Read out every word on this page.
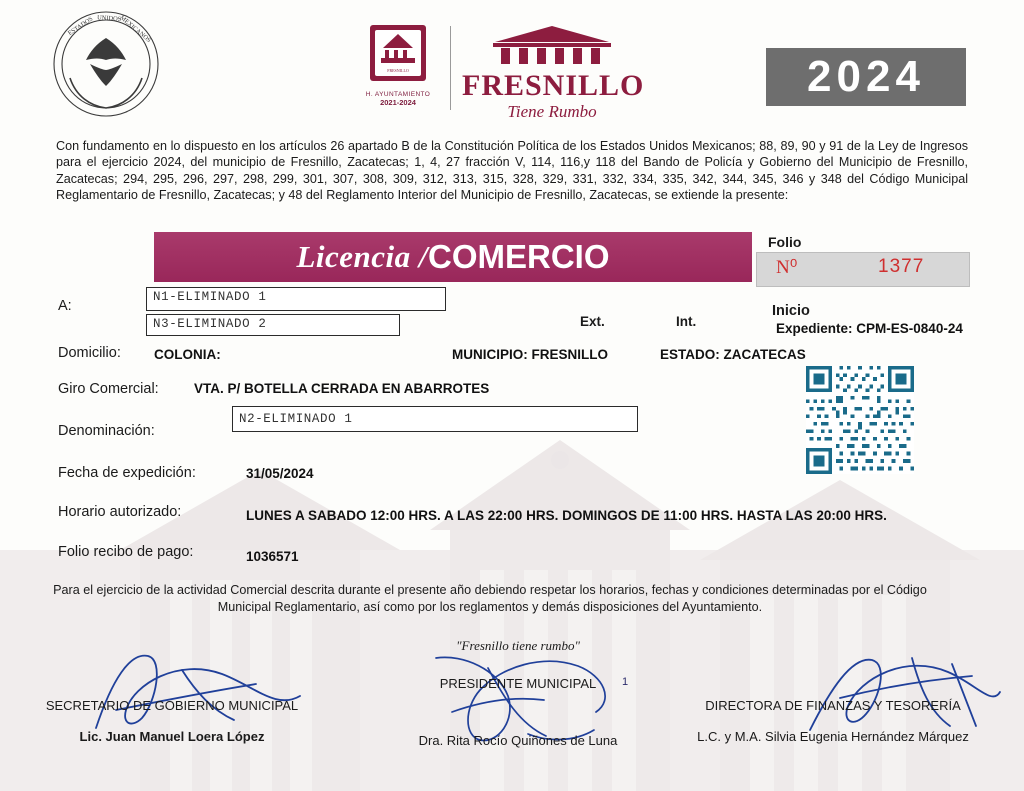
ESTADOS UNIDOS
MEXICANOS
FRESNILLO
H. AYUNTAMIENTO
2021-2024
FRESNILLO
Tiene Rumbo
2024

Con fundamento en lo dispuesto en los artículos 26 apartado B de la Constitución Política de los Estados Unidos Mexicanos; 88, 89, 90 y 91 de la Ley de Ingresos para el ejercicio 2024, del municipio de Fresnillo, Zacatecas; 1, 4, 27 fracción V, 114, 116,y 118 del Bando de Policía y Gobierno del Municipio de Fresnillo, Zacatecas; 294, 295, 296, 297, 298, 299, 301, 307, 308, 309, 312, 313, 315, 328, 329, 331, 332, 334, 335, 342, 344, 345, 346 y 348 del Código Municipal Reglamentario de Fresnillo, Zacatecas; y 48 del Reglamento Interior del Municipio de Fresnillo, Zacatecas, se extiende la presente:

Licencia / COMERCIO	Folio
N⁰	1377
A:
N1-ELIMINADO 1
N3-ELIMINADO 2	Ext.	Int.
Inicio
Expediente: CPM-ES-0840-24
Domicilio: COLONIA:	MUNICIPIO: FRESNILLO	ESTADO: ZACATECAS
Giro Comercial:	VTA. P/ BOTELLA CERRADA EN ABARROTES
Denominación:
N2-ELIMINADO 1
Fecha de expedición:	31/05/2024
Horario autorizado:	LUNES A SABADO 12:00 HRS. A LAS 22:00 HRS. DOMINGOS DE 11:00 HRS. HASTA LAS 20:00 HRS.
Folio recibo de pago:	1036571

Para el ejercicio de la actividad Comercial descrita durante el presente año debiendo respetar los horarios, fechas y condiciones determinadas por el Código Municipal Reglamentario, así como por los reglamentos y demás disposiciones del Ayuntamiento.

"Fresnillo tiene rumbo"
1
SECRETARIO DE GOBIERNO MUNICIPAL
Lic. Juan Manuel Loera López
PRESIDENTE MUNICIPAL
Dra. Rita Rocío Quiñones de Luna
DIRECTORA DE FINANZAS Y TESORERÍA
L.C. y M.A. Silvia Eugenia Hernández Márquez
